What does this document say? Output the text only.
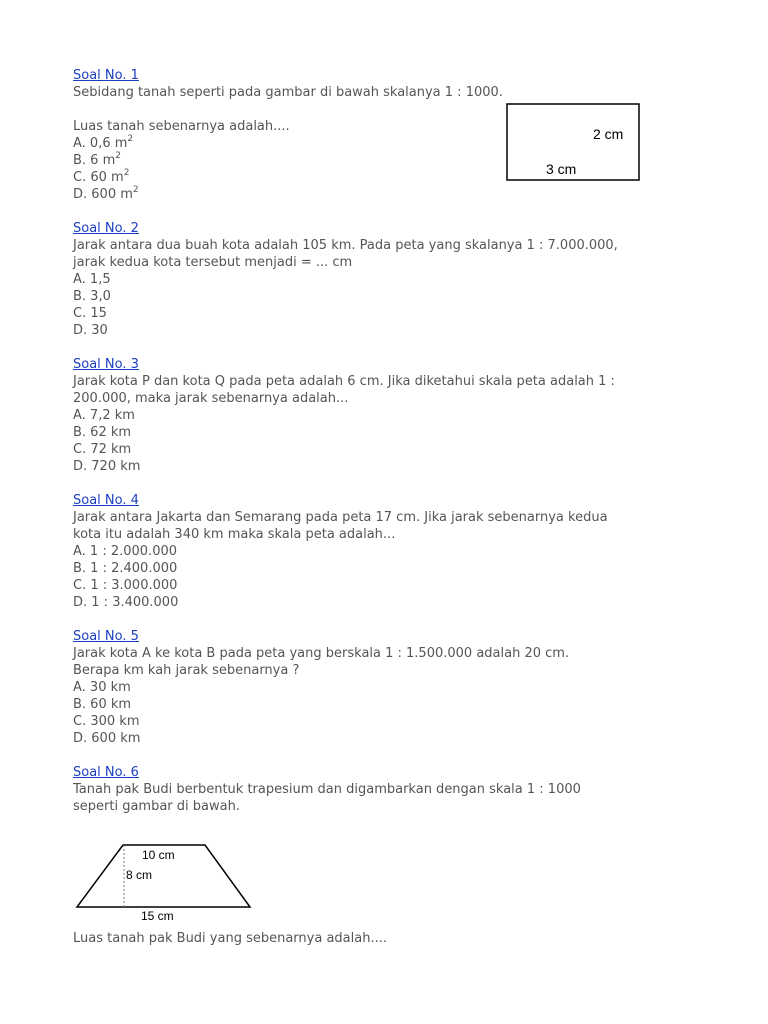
Soal No. 1
Sebidang tanah seperti pada gambar di bawah skalanya 1 : 1000.
Luas tanah sebenarnya adalah....
A. 0,6 $m^2$
B. 6 $m^2$
C. 60 $m^2$
D. 600 $m^2$
Soal No. 2
Jarak antara dua buah kota adalah 105 km. Pada peta yang skalanya 1 : 7.000.000,
jarak kedua kota tersebut menjadi = ... cm
A. 1,5
B. 3,0
C. 15
D. 30
Soal No. 3
Jarak kota P dan kota Q pada peta adalah 6 cm. Jika diketahui skala peta adalah 1 :
200.000, maka jarak sebenarnya adalah...
A. 7,2 km
B. 62 km
C. 72 km
D. 720 km
Soal No. 4
Jarak antara Jakarta dan Semarang pada peta 17 cm. Jika jarak sebenarnya kedua
kota itu adalah 340 km maka skala peta adalah...
A. 1 : 2.000.000
B. 1 : 2.400.000
C. 1 : 3.000.000
D. 1 : 3.400.000
Soal No. 5
Jarak kota A ke kota B pada peta yang berskala 1 : 1.500.000 adalah 20 cm.
Berapa km kah jarak sebenarnya ?
A. 30 km
B. 60 km
C. 300 km
D. 600 km
Soal No. 6
Tanah pak Budi berbentuk trapesium dan digambarkan dengan skala 1 : 1000
seperti gambar di bawah.
2 cm
3 cm
10 cm
8 cm
15 cm
Luas tanah pak Budi yang sebenarnya adalah....
